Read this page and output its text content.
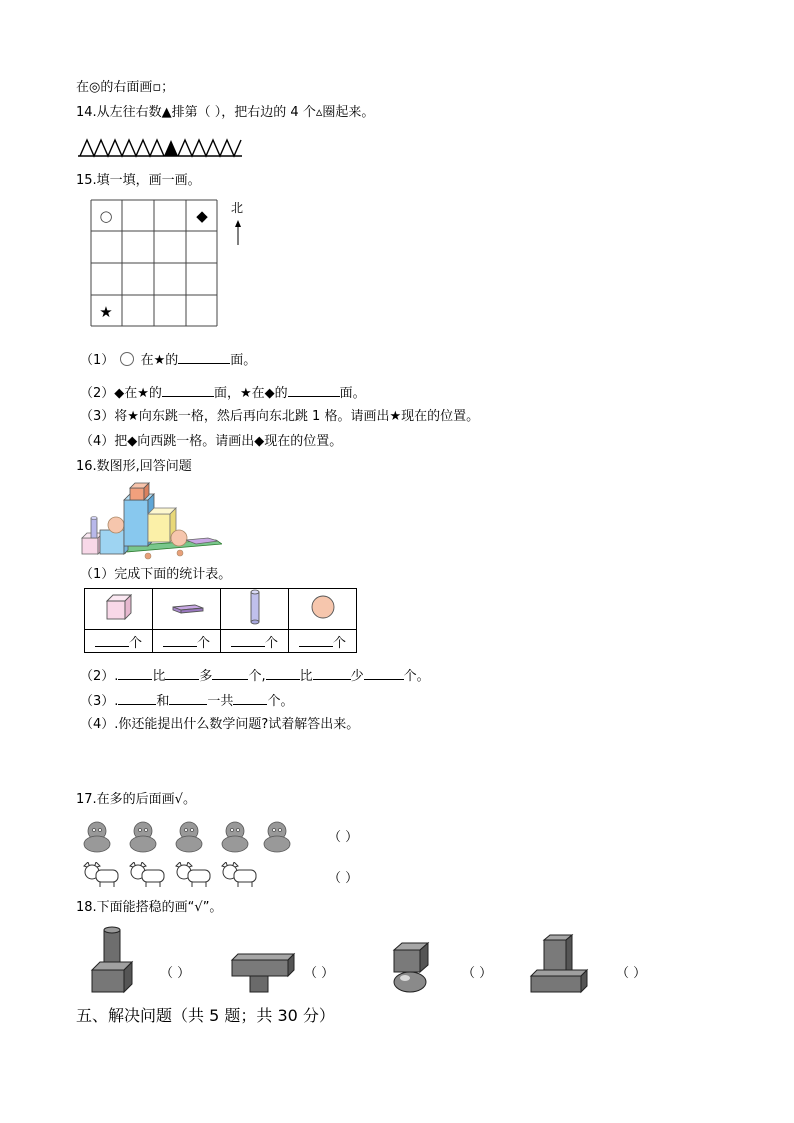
在◎的右面画▫；
14.从左往右数▲排第（ ），把右边的 4 个▵圈起来。
15.填一填，画一画。
○	◆
★
北
（1） 在★的	面。
（2）◆在★的	面，★在◆的	面。
（3）将★向东跳一格，然后再向东北跳 1 格。请画出★现在的位置。
（4）把◆向西跳一格。请画出◆现在的位置。
16.数图形,回答问题
（1）完成下面的统计表。

个	个	个	个
（2）.	比	多	个,	比	少	个。
（3）.	和	一共	个。
（4）.你还能提出什么数学问题?试着解答出来。
17.在多的后面画√。
（ ）
（ ）
18.下面能搭稳的画“√”。
（ ）	（ ）	（ ）	（ ）
五、解决问题（共 5 题；共 30 分）
